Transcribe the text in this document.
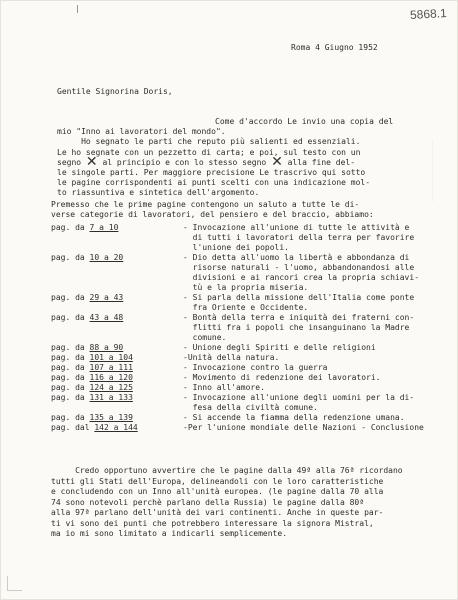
5868.1
Roma 4 Giugno 1952
Gentile Signorina Doris,
Come d'accordo Le invio una copia del
mio "Inno ai lavoratori del mondo".
Ho segnato le parti che reputo più salienti ed essenziali.
Le ho segnate con un pezzetto di carta; e poi, sul testo con un
segno ✕ al principio e con lo stesso segno ✕ alla fine del-
le singole parti. Per maggiore precisione Le trascrivo qui sotto
le pagine corrispondenti ai punti scelti con una indicazione mol-
to riassuntiva e sintetica dell'argomento.
Premesso che le prime pagine contengono un saluto a tutte le di-
verse categorie di lavoratori, del pensiero e del braccio, abbiamo:
pag. da 7 a 10	- Invocazione all'unione di tutte le attività e
di tutti i lavoratori della terra per favorire
l'unione dei popoli.
pag. da 10 a 20	- Dio detta all'uomo la libertà e abbondanza di
risorse naturali - l'uomo, abbandonandosi alle
divisioni e ai rancori crea la propria schiavi-
tù e la propria miseria.
pag. da 29 a 43	- Si parla della missione dell'Italia come ponte
fra Oriente e Occidente.
pag. da 43 a 48	- Bontà della terra e iniquità dei fraterni con-
flitti fra i popoli che insanguinano la Madre
comune.
pag. da 88 a 90	- Unione degli Spiriti e delle religioni
pag. da 101 a 104	-Unità della natura.
pag. da 107 a 111	- Invocazione contro la guerra
pag. da 116 a 120	- Movimento di redenzione dei lavoratori.
pag. da 124 a 125	- Inno all'amore.
pag. da 131 a 133	- Invocazione all'unione degli uomini per la di-
fesa della civiltà comune.
pag. da 135 a 139	- Si accende la fiamma della redenzione umana.
pag. dal 142 a 144	-Per l'unione mondiale delle Nazioni - Conclusione
Credo opportuno avvertire che le pagine dalla 49ª alla 76ª ricordano
tutti gli Stati dell'Europa, delineandoli con le loro caratteristiche
e concludendo con un Inno all'unità europea. (le pagine dalla 70 alla
74 sono notevoli perchè parlano della Russia) le pagine dalla 80ª
alla 97ª parlano dell'unità dei vari continenti. Anche in queste par-
ti vi sono dei punti che potrebbero interessare la signora Mistral,
ma io mi sono limitato a indicarli semplicemente.
